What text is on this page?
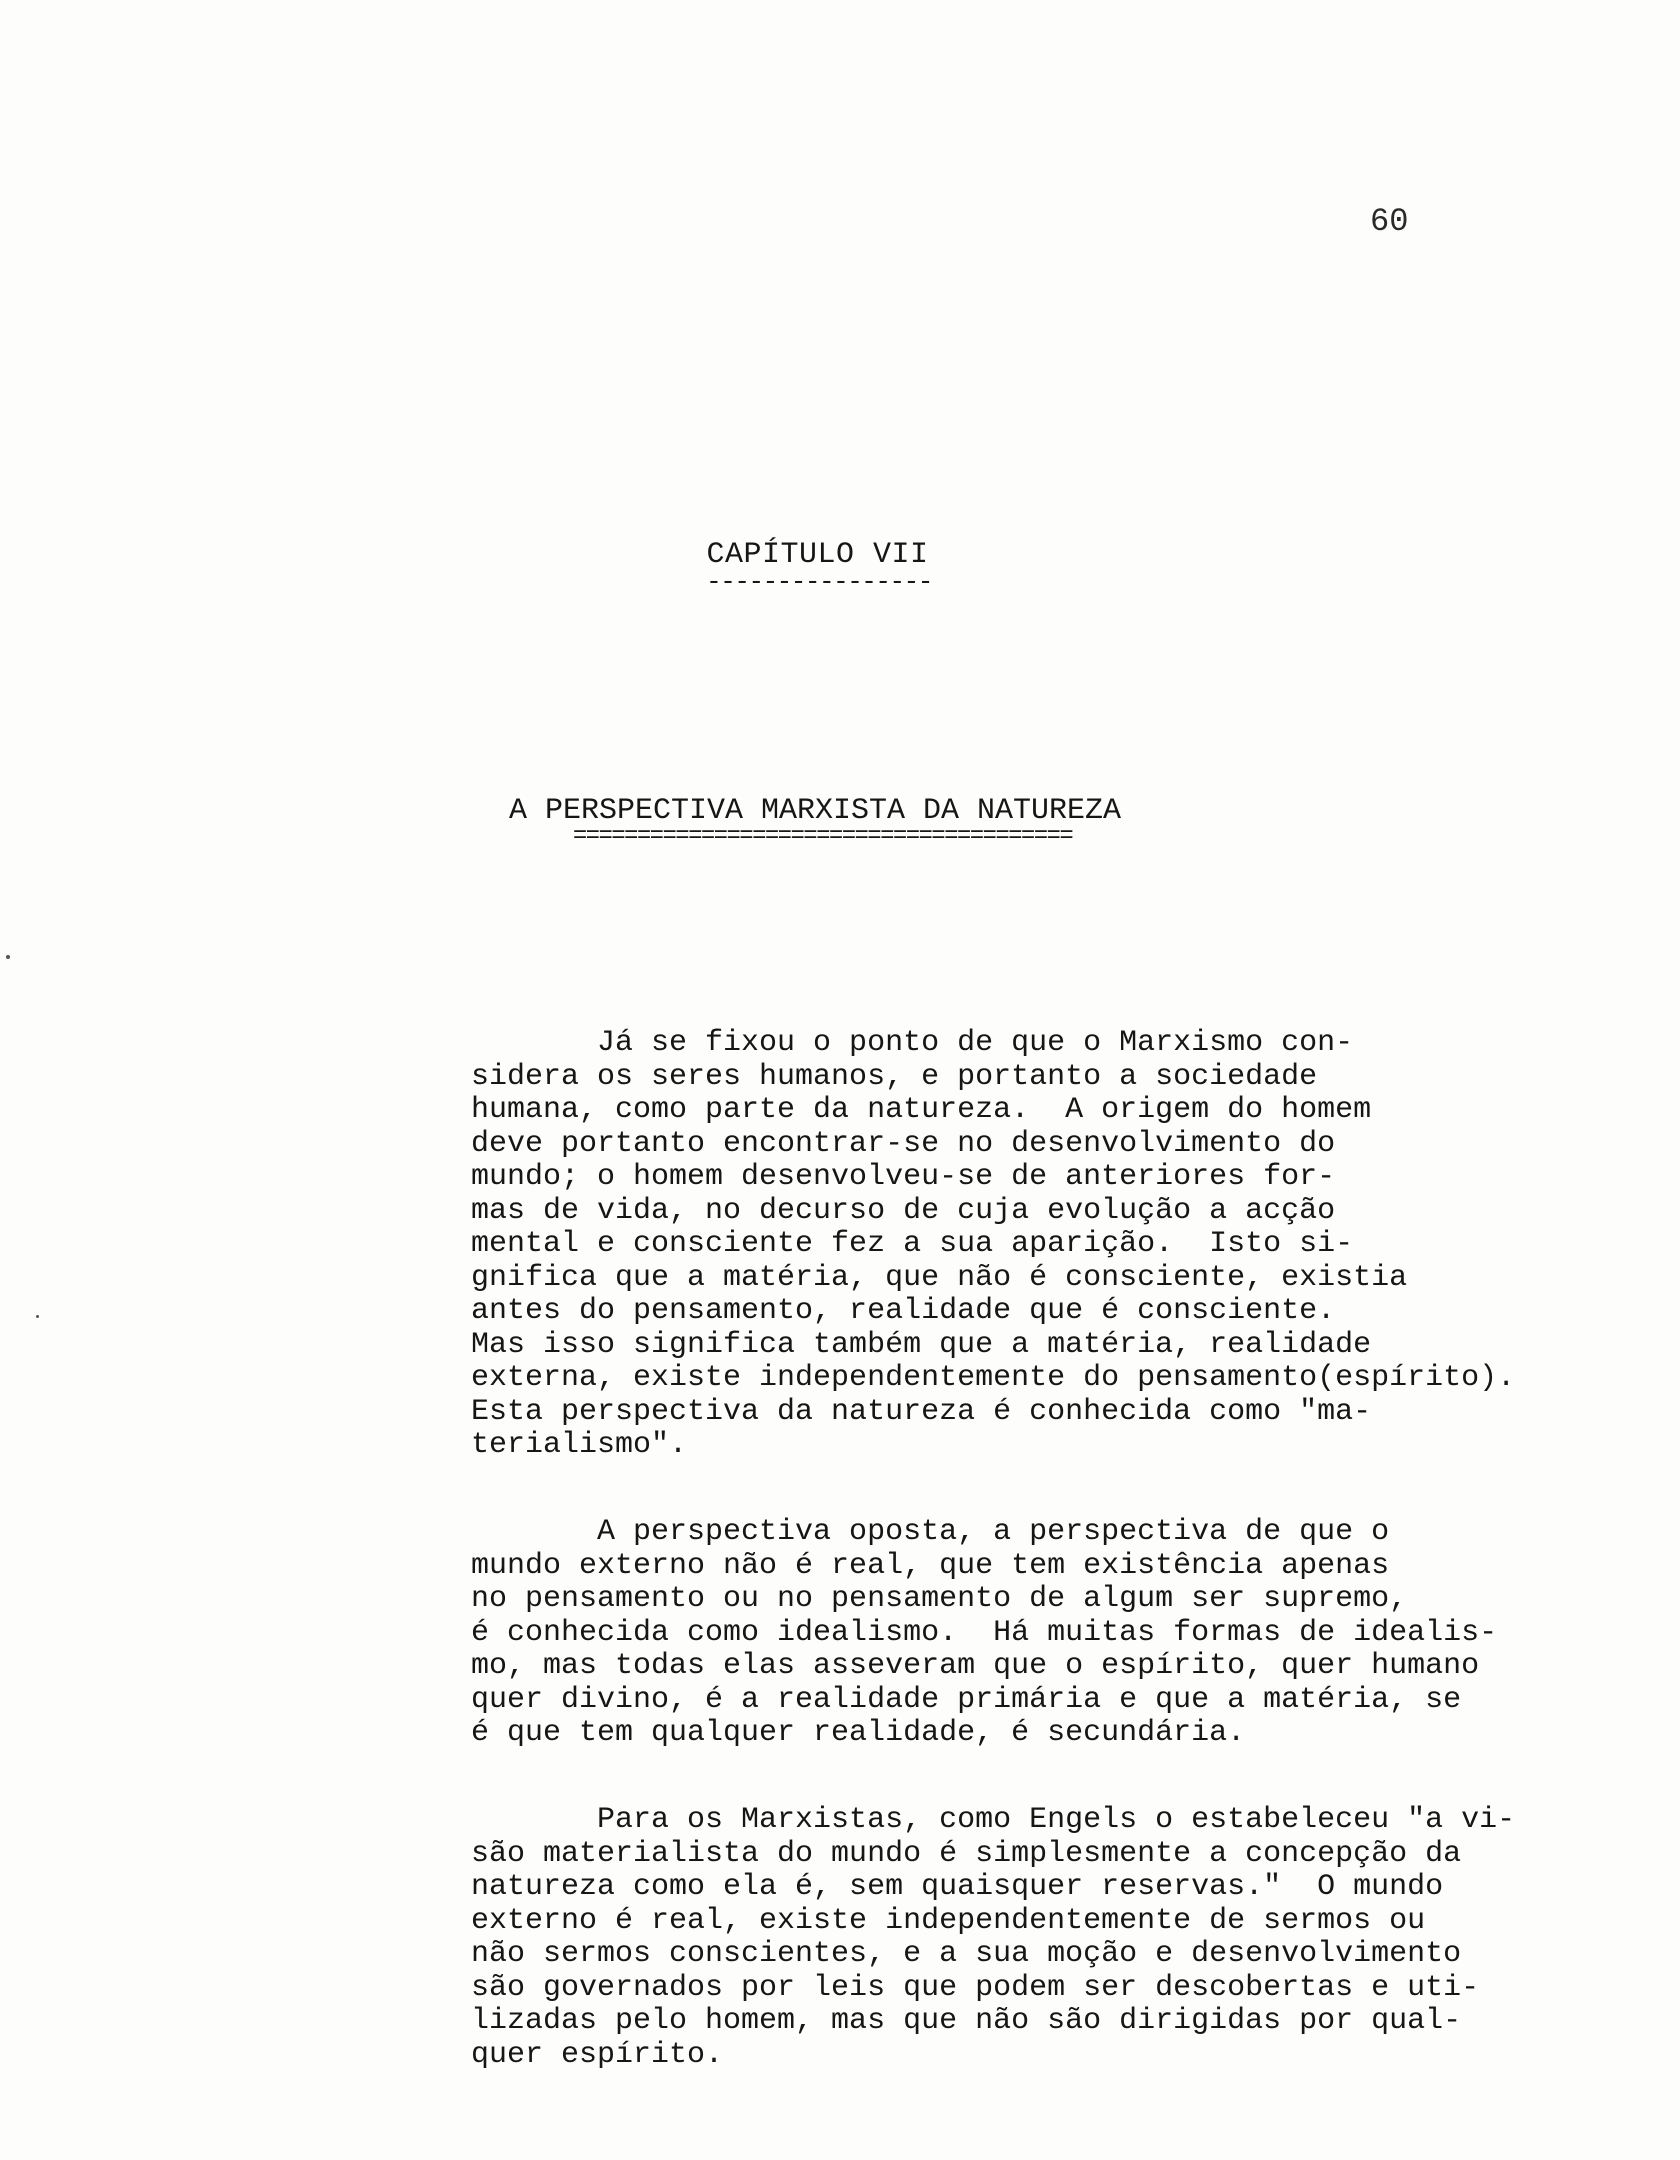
60
CAPÍTULO VII
----------------
A PERSPECTIVA MARXISTA DA NATUREZA
=======================================

Já se fixou o ponto de que o Marxismo con-
sidera os seres humanos, e portanto a sociedade
humana, como parte da natureza.  A origem do homem
deve portanto encontrar-se no desenvolvimento do
mundo; o homem desenvolveu-se de anteriores for-
mas de vida, no decurso de cuja evolução a acção
mental e consciente fez a sua aparição.  Isto si-
gnifica que a matéria, que não é consciente, existia
antes do pensamento, realidade que é consciente.
Mas isso significa também que a matéria, realidade
externa, existe independentemente do pensamento(espírito).
Esta perspectiva da natureza é conhecida como "ma-
terialismo".

A perspectiva oposta, a perspectiva de que o
mundo externo não é real, que tem existência apenas
no pensamento ou no pensamento de algum ser supremo,
é conhecida como idealismo.  Há muitas formas de idealis-
mo, mas todas elas asseveram que o espírito, quer humano
quer divino, é a realidade primária e que a matéria, se
é que tem qualquer realidade, é secundária.

Para os Marxistas, como Engels o estabeleceu "a vi-
são materialista do mundo é simplesmente a concepção da
natureza como ela é, sem quaisquer reservas."  O mundo
externo é real, existe independentemente de sermos ou
não sermos conscientes, e a sua moção e desenvolvimento
são governados por leis que podem ser descobertas e uti-
lizadas pelo homem, mas que não são dirigidas por qual-
quer espírito.
